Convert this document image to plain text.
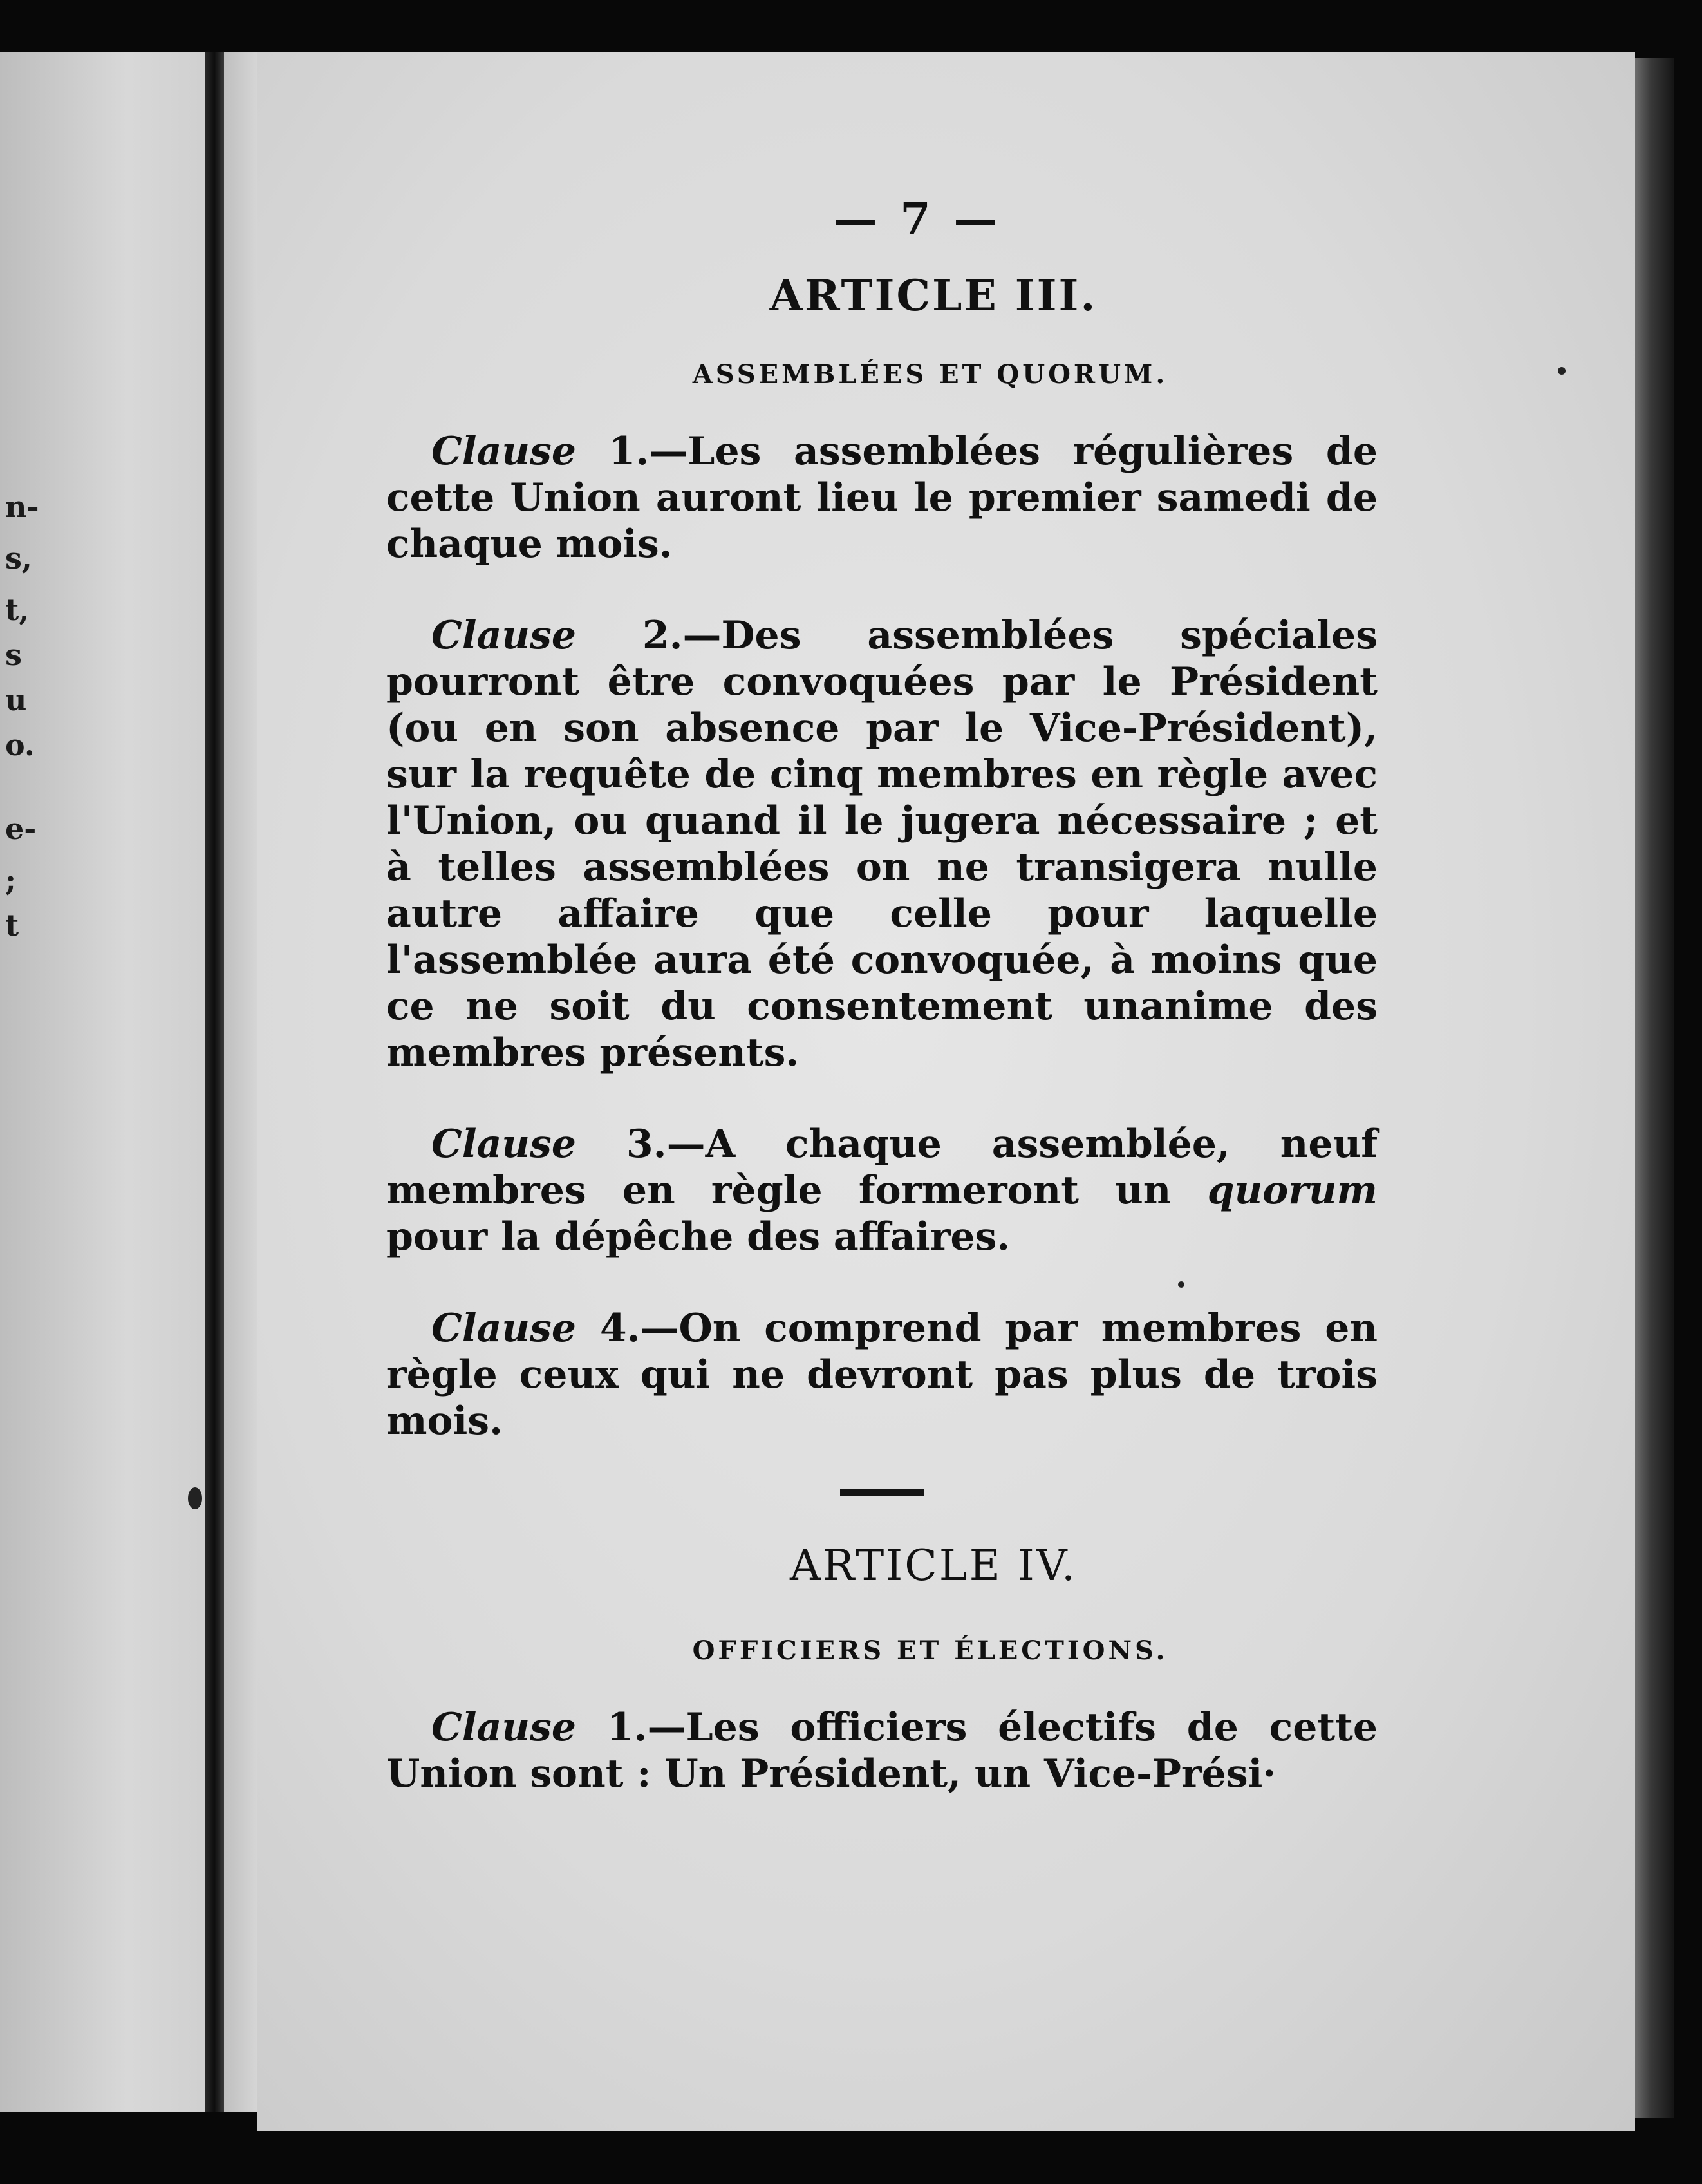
n-
s,
t,
s
u
o.
e-
;
t
— 7 —
ARTICLE III.
ASSEMBLÉES ET QUORUM.

Clause 1.—Les assemblées régulières de cette Union auront lieu le premier samedi de chaque mois.

Clause 2.—Des assemblées spéciales pourront être convoquées par le Président (ou en son absence par le Vice-Président), sur la requête de cinq membres en règle avec l'Union, ou quand il le jugera nécessaire ; et à telles assemblées on ne transigera nulle autre affaire que celle pour laquelle l'assemblée aura été convoquée, à moins que ce ne soit du consentement unanime des membres présents.

Clause 3.—A chaque assemblée, neuf membres en règle formeront un quorum pour la dépêche des affaires.

Clause 4.—On comprend par membres en règle ceux qui ne devront pas plus de trois mois.

ARTICLE IV.
OFFICIERS ET ÉLECTIONS.

Clause 1.—Les officiers électifs de cette Union sont : Un Président, un Vice-Prési·
